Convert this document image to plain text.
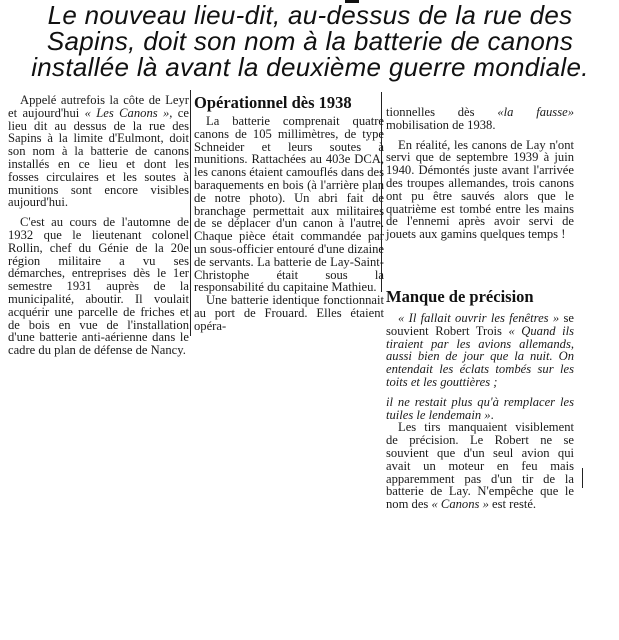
Le nouveau lieu-dit, au-dessus de la rue des
Sapins, doit son nom à la batterie de canons
installée là avant la deuxième guerre mondiale.

Appelé autrefois la côte de Leyr et aujourd'hui « Les Canons », ce lieu dit au dessus de la rue des Sapins à la limite d'Eulmont, doit son nom à la batterie de canons installés en ce lieu et dont les fosses circulaires et les soutes à munitions sont encore visibles aujourd'hui.

C'est au cours de l'automne de 1932 que le lieutenant colonel Rollin, chef du Génie de la 20e région militaire a vu ses démarches, entreprises dès le 1er semestre 1931 auprès de la municipalité, aboutir. Il voulait acquérir une parcelle de friches et de bois en vue de l'installation d'une batterie anti-aérienne dans le cadre du plan de défense de Nancy.

Opérationnel dès 1938

La batterie comprenait quatre canons de 105 millimètres, de type Schneider et leurs soutes à munitions. Rattachées au 403e DCA, les canons étaient camouflés dans des baraquements en bois (à l'arrière plan de notre photo). Un abri fait de branchage permettait aux militaires de se déplacer d'un canon à l'autre. Chaque pièce était commandée par un sous-officier entouré d'une dizaine de servants. La batterie de Lay-Saint-Christophe était sous la responsabilité du capitaine Mathieu.

Une batterie identique fonctionnait au port de Frouard. Elles étaient opéra-

tionnelles dès «la fausse» mobilisation de 1938.

En réalité, les canons de Lay n'ont servi que de septembre 1939 à juin 1940. Démontés juste avant l'arrivée des troupes allemandes, trois canons ont pu être sauvés alors que le quatrième est tombé entre les mains de l'ennemi après avoir servi de jouets aux gamins quelques temps !

Manque de précision

« Il fallait ouvrir les fenêtres » se souvient Robert Trois « Quand ils tiraient par les avions allemands, aussi bien de jour que la nuit. On entendait les éclats tombés sur les toits et les gouttières ;

il ne restait plus qu'à remplacer les tuiles le lendemain ».

Les tirs manquaient visiblement de précision. Le Robert ne se souvient que d'un seul avion qui avait un moteur en feu mais apparemment pas d'un tir de la batterie de Lay. N'empêche que le nom des « Canons » est resté.
